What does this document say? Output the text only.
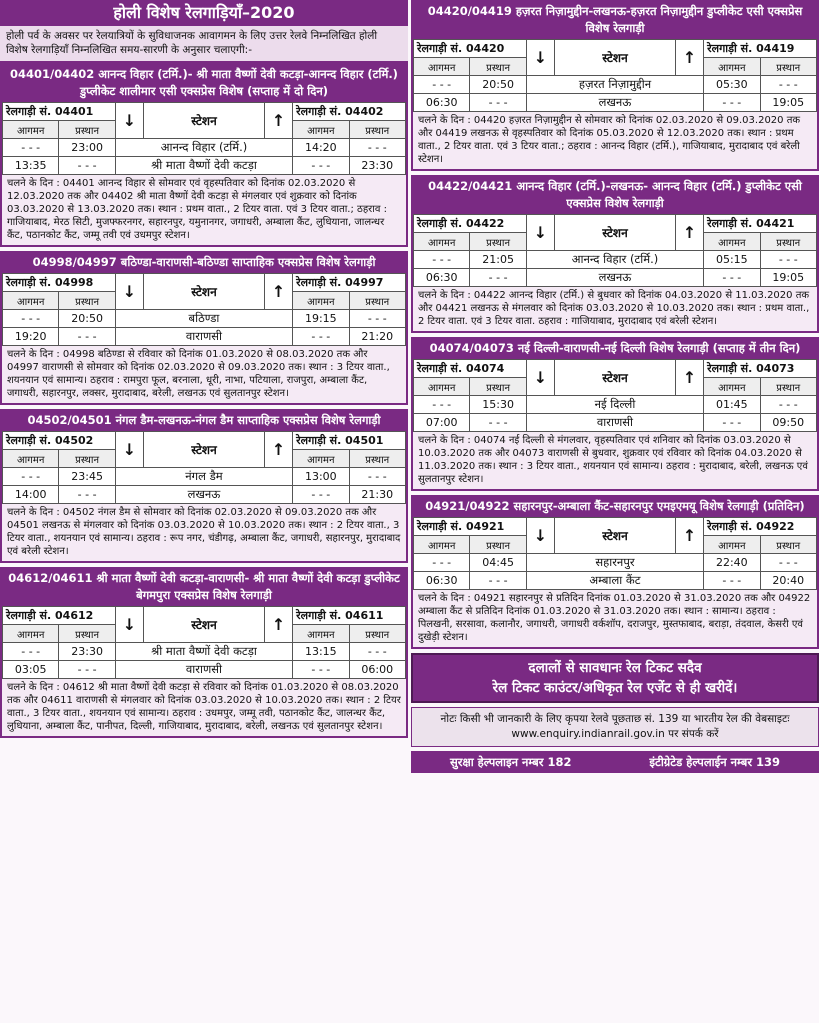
होली विशेष रेलगाड़ियाँ–2020
होली पर्व के अवसर पर रेलयात्रियों के सुविधाजनक आवागमन के लिए उत्तर रेलवे निम्नलिखित होली विशेष रेलगाड़ियाँ निम्नलिखित समय-सारणी के अनुसार चलाएगी:-
04401/04402 आनन्द विहार (टर्मि.)- श्री माता वैष्णों देवी कटड़ा-आनन्द विहार (टर्मि.) डुप्लीकेट शालीमार एसी एक्सप्रेस विशेष (सप्ताह में दो दिन)
रेलगाड़ी सं. 04401		↓	स्टेशन	↑	रेलगाड़ी सं. 04402	
आगमन	प्रस्थान				आगमन	प्रस्थान
- - -	23:00	आनन्द विहार (टर्मि.)			14:20	- - -
13:35	- - -	श्री माता वैष्णों देवी कटड़ा			- - -	23:30
चलने के दिन : 04401 आनन्द विहार से सोमवार एवं वृहस्पतिवार को दिनांक 02.03.2020 से 12.03.2020 तक और 04402 श्री माता वैष्णों देवी कटड़ा से मंगलवार एवं शुक्रवार को दिनांक 03.03.2020 से 13.03.2020 तक। स्थान : प्रथम वाता., 2 टियर वाता. एवं 3 टियर वाता.; ठहराव : गाजियाबाद, मेरठ सिटी, मुजफ्फरनगर, सहारनपुर, यमुनानगर, जगाधरी, अम्बाला कैंट, लुधियाना, जालन्धर कैंट, पठानकोट कैंट, जम्मू तवी एवं उधमपुर स्टेशन।
04998/04997 बठिण्डा-वाराणसी-बठिण्डा साप्ताहिक एक्सप्रेस विशेष रेलगाड़ी
रेलगाड़ी सं. 04998		↓	स्टेशन	↑	रेलगाड़ी सं. 04997	
आगमन	प्रस्थान				आगमन	प्रस्थान
- - -	20:50	बठिण्डा			19:15	- - -
19:20	- - -	वाराणसी			- - -	21:20
चलने के दिन : 04998 बठिण्डा से रविवार को दिनांक 01.03.2020 से 08.03.2020 तक और 04997 वाराणसी से सोमवार को दिनांक 02.03.2020 से 09.03.2020 तक। स्थान : 3 टियर वाता., शयनयान एवं सामान्य। ठहराव : रामपुरा फूल, बरनाला, धूरी, नाभा, पटियाला, राजपुरा, अम्बाला कैंट, जगाधरी, सहारनपुर, लक्सर, मुरादाबाद, बरेली, लखनऊ एवं सुलतानपुर स्टेशन।
04502/04501 नंगल डैम-लखनऊ-नंगल डैम साप्ताहिक एक्सप्रेस विशेष रेलगाड़ी
रेलगाड़ी सं. 04502		↓	स्टेशन	↑	रेलगाड़ी सं. 04501	
आगमन	प्रस्थान				आगमन	प्रस्थान
- - -	23:45	नंगल डैम			13:00	- - -
14:00	- - -	लखनऊ			- - -	21:30
चलने के दिन : 04502 नंगल डैम से सोमवार को दिनांक 02.03.2020 से 09.03.2020 तक और 04501 लखनऊ से मंगलवार को दिनांक 03.03.2020 से 10.03.2020 तक। स्थान : 2 टियर वाता., 3 टियर वाता., शयनयान एवं सामान्य। ठहराव : रूप नगर, चंडीगढ़, अम्बाला कैंट, जगाधरी, सहारनपुर, मुरादाबाद एवं बरेली स्टेशन।
04612/04611 श्री माता वैष्णों देवी कटड़ा-वाराणसी- श्री माता वैष्णों देवी कटड़ा डुप्लीकेट बेगमपुरा एक्सप्रेस विशेष रेलगाड़ी
रेलगाड़ी सं. 04612		↓	स्टेशन	↑	रेलगाड़ी सं. 04611	
आगमन	प्रस्थान				आगमन	प्रस्थान
- - -	23:30	श्री माता वैष्णों देवी कटड़ा			13:15	- - -
03:05	- - -	वाराणसी			- - -	06:00
चलने के दिन : 04612 श्री माता वैष्णों देवी कटड़ा से रविवार को दिनांक 01.03.2020 से 08.03.2020 तक और 04611 वाराणसी से मंगलवार को दिनांक 03.03.2020 से 10.03.2020 तक। स्थान : 2 टियर वाता., 3 टियर वाता., शयनयान एवं सामान्य। ठहराव : उधमपुर, जम्मू तवी, पठानकोट कैंट, जालन्धर कैंट, लुधियाना, अम्बाला कैंट, पानीपत, दिल्ली, गाजियाबाद, मुरादाबाद, बरेली, लखनऊ एवं सुलतानपुर स्टेशन।
04420/04419 हज़रत निज़ामुद्दीन-लखनऊ-हज़रत निज़ामुद्दीन डुप्लीकेट एसी एक्सप्रेस विशेष रेलगाड़ी
रेलगाड़ी सं. 04420		↓	स्टेशन	↑	रेलगाड़ी सं. 04419	
आगमन	प्रस्थान				आगमन	प्रस्थान
- - -	20:50	हज़रत निज़ामुद्दीन			05:30	- - -
06:30	- - -	लखनऊ			- - -	19:05
चलने के दिन : 04420 हज़रत निज़ामुद्दीन से सोमवार को दिनांक 02.03.2020 से 09.03.2020 तक और 04419 लखनऊ से वृहस्पतिवार को दिनांक 05.03.2020 से 12.03.2020 तक। स्थान : प्रथम वाता., 2 टियर वाता. एवं 3 टियर वाता.; ठहराव : आनन्द विहार (टर्मि.), गाजियाबाद, मुरादाबाद एवं बरेली स्टेशन।
04422/04421 आनन्द विहार (टर्मि.)-लखनऊ- आनन्द विहार (टर्मि.) डुप्लीकेट एसी एक्सप्रेस विशेष रेलगाड़ी
रेलगाड़ी सं. 04422		↓	स्टेशन	↑	रेलगाड़ी सं. 04421	
आगमन	प्रस्थान				आगमन	प्रस्थान
- - -	21:05	आनन्द विहार (टर्मि.)			05:15	- - -
06:30	- - -	लखनऊ			- - -	19:05
चलने के दिन : 04422 आनन्द विहार (टर्मि.) से बुधवार को दिनांक 04.03.2020 से 11.03.2020 तक और 04421 लखनऊ से मंगलवार को दिनांक 03.03.2020 से 10.03.2020 तक। स्थान : प्रथम वाता., 2 टियर वाता. एवं 3 टियर वाता. ठहराव : गाजियाबाद, मुरादाबाद एवं बरेली स्टेशन।
04074/04073 नई दिल्ली-वाराणसी-नई दिल्ली विशेष रेलगाड़ी (सप्ताह में तीन दिन)
रेलगाड़ी सं. 04074		↓	स्टेशन	↑	रेलगाड़ी सं. 04073	
आगमन	प्रस्थान				आगमन	प्रस्थान
- - -	15:30	नई दिल्ली			01:45	- - -
07:00	- - -	वाराणसी			- - -	09:50
चलने के दिन : 04074 नई दिल्ली से मंगलवार, वृहस्पतिवार एवं शनिवार को दिनांक 03.03.2020 से 10.03.2020 तक और 04073 वाराणसी से बुधवार, शुक्रवार एवं रविवार को दिनांक 04.03.2020 से 11.03.2020 तक। स्थान : 3 टियर वाता., शयनयान एवं सामान्य। ठहराव : मुरादाबाद, बरेली, लखनऊ एवं सुलतानपुर स्टेशन।
04921/04922 सहारनपुर-अम्बाला कैंट-सहारनपुर एमइएमयू विशेष रेलगाड़ी (प्रतिदिन)
रेलगाड़ी सं. 04921		↓	स्टेशन	↑	रेलगाड़ी सं. 04922	
आगमन	प्रस्थान				आगमन	प्रस्थान
- - -	04:45	सहारनपुर			22:40	- - -
06:30	- - -	अम्बाला कैंट			- - -	20:40
चलने के दिन : 04921 सहारनपुर से प्रतिदिन दिनांक 01.03.2020 से 31.03.2020 तक और 04922 अम्बाला कैंट से प्रतिदिन दिनांक 01.03.2020 से 31.03.2020 तक। स्थान : सामान्य। ठहराव : पिलखनी, सरसावा, कलानौर, जगाधरी, जगाधरी वर्कशॉप, दराजपुर, मुस्तफाबाद, बराड़ा, तंदवाल, केसरी एवं दुखेड़ी स्टेशन।
दलालों से सावधानः रेल टिकट सदैव
रेल टिकट काउंटर/अधिकृत रेल एजेंट से ही खरीदें।
नोटः किसी भी जानकारी के लिए कृपया रेलवे पूछताछ सं. 139 या भारतीय रेल की वेबसाइटः www.enquiry.indianrail.gov.in पर संपर्क करें
सुरक्षा हेल्पलाइन नम्बर 182	इंटीग्रेटेड हेल्पलाईन नम्बर 139
